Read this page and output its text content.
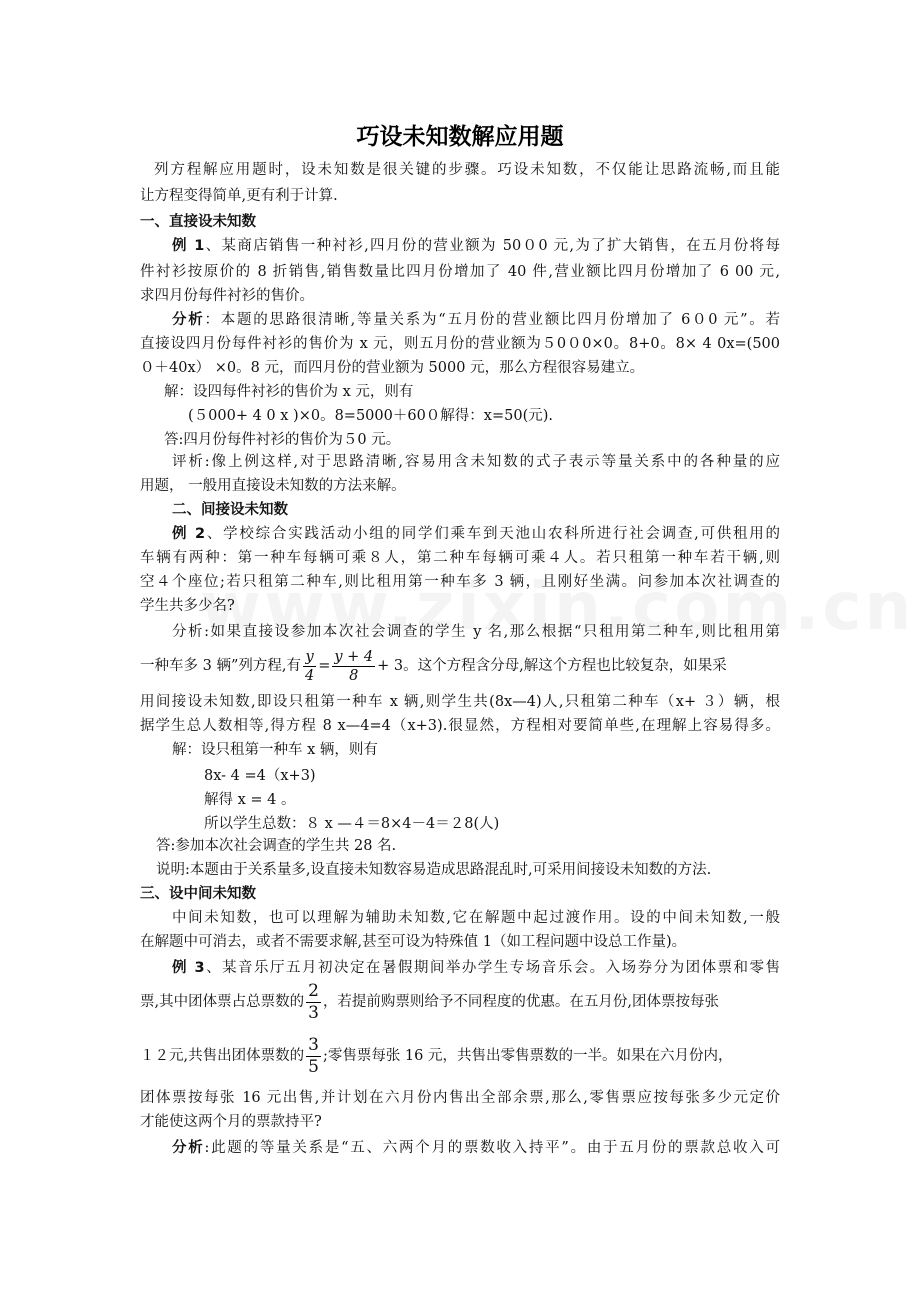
巧设未知数解应用题
列方程解应用题时，设未知数是很关键的步骤。巧设未知数，不仅能让思路流畅,而且能
让方程变得简单,更有利于计算.
一、直接设未知数
例 1、某商店销售一种衬衫,四月份的营业额为 50０0 元,为了扩大销售，在五月份将每
件衬衫按原价的 8 折销售,销售数量比四月份增加了 40 件,营业额比四月份增加了 6 00 元,
求四月份每件衬衫的售价。
分析：本题的思路很清晰,等量关系为“五月份的营业额比四月份增加了 6０0 元”。若
直接设四月份每件衬衫的售价为 x 元，则五月份的营业额为５0０0×0。8+0。8× 4 0x=(500
０＋40x） ×0。8 元，而四月份的营业额为 5000 元，那么方程很容易建立。
解：设四每件衬衫的售价为 x 元，则有
(５000+ 4 0 x )×0。8=5000＋60０解得：x=50(元).
答:四月份每件衬衫的售价为５0 元。
评析:像上例这样,对于思路清晰,容易用含未知数的式子表示等量关系中的各种量的应
用题， 一般用直接设未知数的方法来解。
二、间接设未知数
例 2、学校综合实践活动小组的同学们乘车到天池山农科所进行社会调查,可供租用的
车辆有两种：第一种车每辆可乘８人，第二种车每辆可乘４人。若只租第一种车若干辆,则
空４个座位;若只租第二种车,则比租用第一种车多 3 辆，且刚好坐满。问参加本次社调查的
学生共多少名?
分析:如果直接设参加本次社会调查的学生 y 名,那么根据“只租用第二种车,则比租用第
一种车多 3 辆”列方程,有 $\frac{y}{4} = \frac{y + 4}{8} + 3$。这个方程含分母,解这个方程也比较复杂，如果采
用间接设未知数,即设只租第一种车 x 辆,则学生共(8x—4)人,只租第二种车（x+ ３）辆，根
据学生总人数相等,得方程 8 x—4=4（x+3).很显然，方程相对要简单些,在理解上容易得多。
解：设只租第一种车 x 辆，则有
8x- 4 =4（x+3)
解得 x = 4 。
所以学生总数：８ x —４＝8×4－4＝２8(人)
答:参加本次社会调查的学生共 28 名.
说明:本题由于关系量多,设直接未知数容易造成思路混乱时,可采用间接设未知数的方法.
三、设中间未知数
中间未知数，也可以理解为辅助未知数,它在解题中起过渡作用。设的中间未知数,一般
在解题中可消去，或者不需要求解,甚至可设为特殊值 1（如工程问题中设总工作量)。
例 3、某音乐厅五月初决定在暑假期间举办学生专场音乐会。入场券分为团体票和零售
票,其中团体票占总票数的 $\frac{2}{3}$ ，若提前购票则给予不同程度的优惠。在五月份,团体票按每张
１２元,共售出团体票数的 $\frac{3}{5}$ ;零售票每张 16 元，共售出零售票数的一半。如果在六月份内，
团体票按每张 16 元出售,并计划在六月份内售出全部余票,那么,零售票应按每张多少元定价
才能使这两个月的票款持平?
分析:此题的等量关系是“五、六两个月的票数收入持平”。由于五月份的票款总收入可
